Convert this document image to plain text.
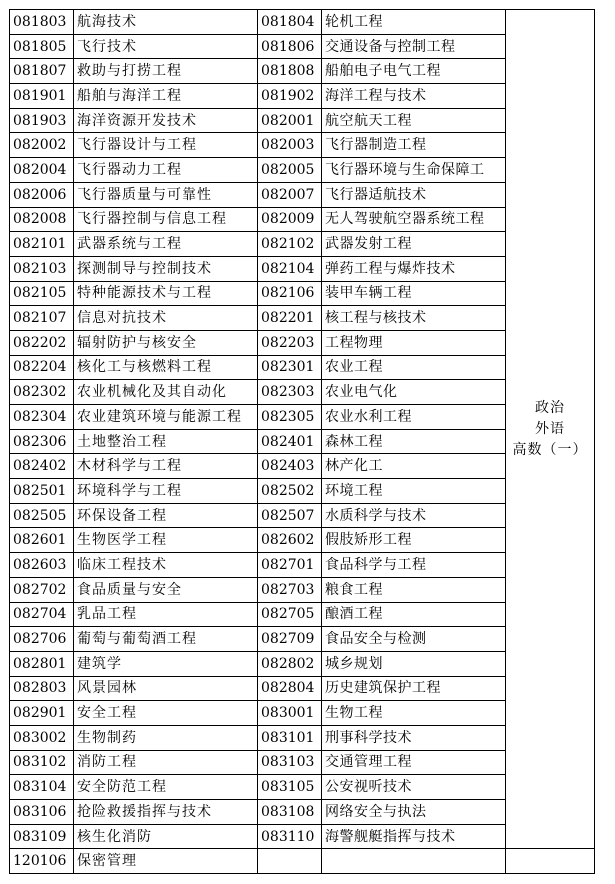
081803	航海技术	081804	轮机工程	政治
外语
高数（一）

081805	飞行技术	081806	交通设备与控制工程	
081807	救助与打捞工程	081808	船舶电子电气工程	
081901	船舶与海洋工程	081902	海洋工程与技术	
081903	海洋资源开发技术	082001	航空航天工程	
082002	飞行器设计与工程	082003	飞行器制造工程	
082004	飞行器动力工程	082005	飞行器环境与生命保障工	
082006	飞行器质量与可靠性	082007	飞行器适航技术	
082008	飞行器控制与信息工程	082009	无人驾驶航空器系统工程	
082101	武器系统与工程	082102	武器发射工程	
082103	探测制导与控制技术	082104	弹药工程与爆炸技术	
082105	特种能源技术与工程	082106	装甲车辆工程	
082107	信息对抗技术	082201	核工程与核技术	
082202	辐射防护与核安全	082203	工程物理	
082204	核化工与核燃料工程	082301	农业工程	
082302	农业机械化及其自动化	082303	农业电气化	
082304	农业建筑环境与能源工程	082305	农业水利工程	
082306	土地整治工程	082401	森林工程	
082402	木材科学与工程	082403	林产化工	
082501	环境科学与工程	082502	环境工程	
082505	环保设备工程	082507	水质科学与技术	
082601	生物医学工程	082602	假肢矫形工程	
082603	临床工程技术	082701	食品科学与工程	
082702	食品质量与安全	082703	粮食工程	
082704	乳品工程	082705	酿酒工程	
082706	葡萄与葡萄酒工程	082709	食品安全与检测	
082801	建筑学	082802	城乡规划	
082803	风景园林	082804	历史建筑保护工程	
082901	安全工程	083001	生物工程	
083002	生物制药	083101	刑事科学技术	
083102	消防工程	083103	交通管理工程	
083104	安全防范工程	083105	公安视听技术	
083106	抢险救援指挥与技术	083108	网络安全与执法	
083109	核生化消防	083110	海警舰艇指挥与技术	
120106	保密管理			
